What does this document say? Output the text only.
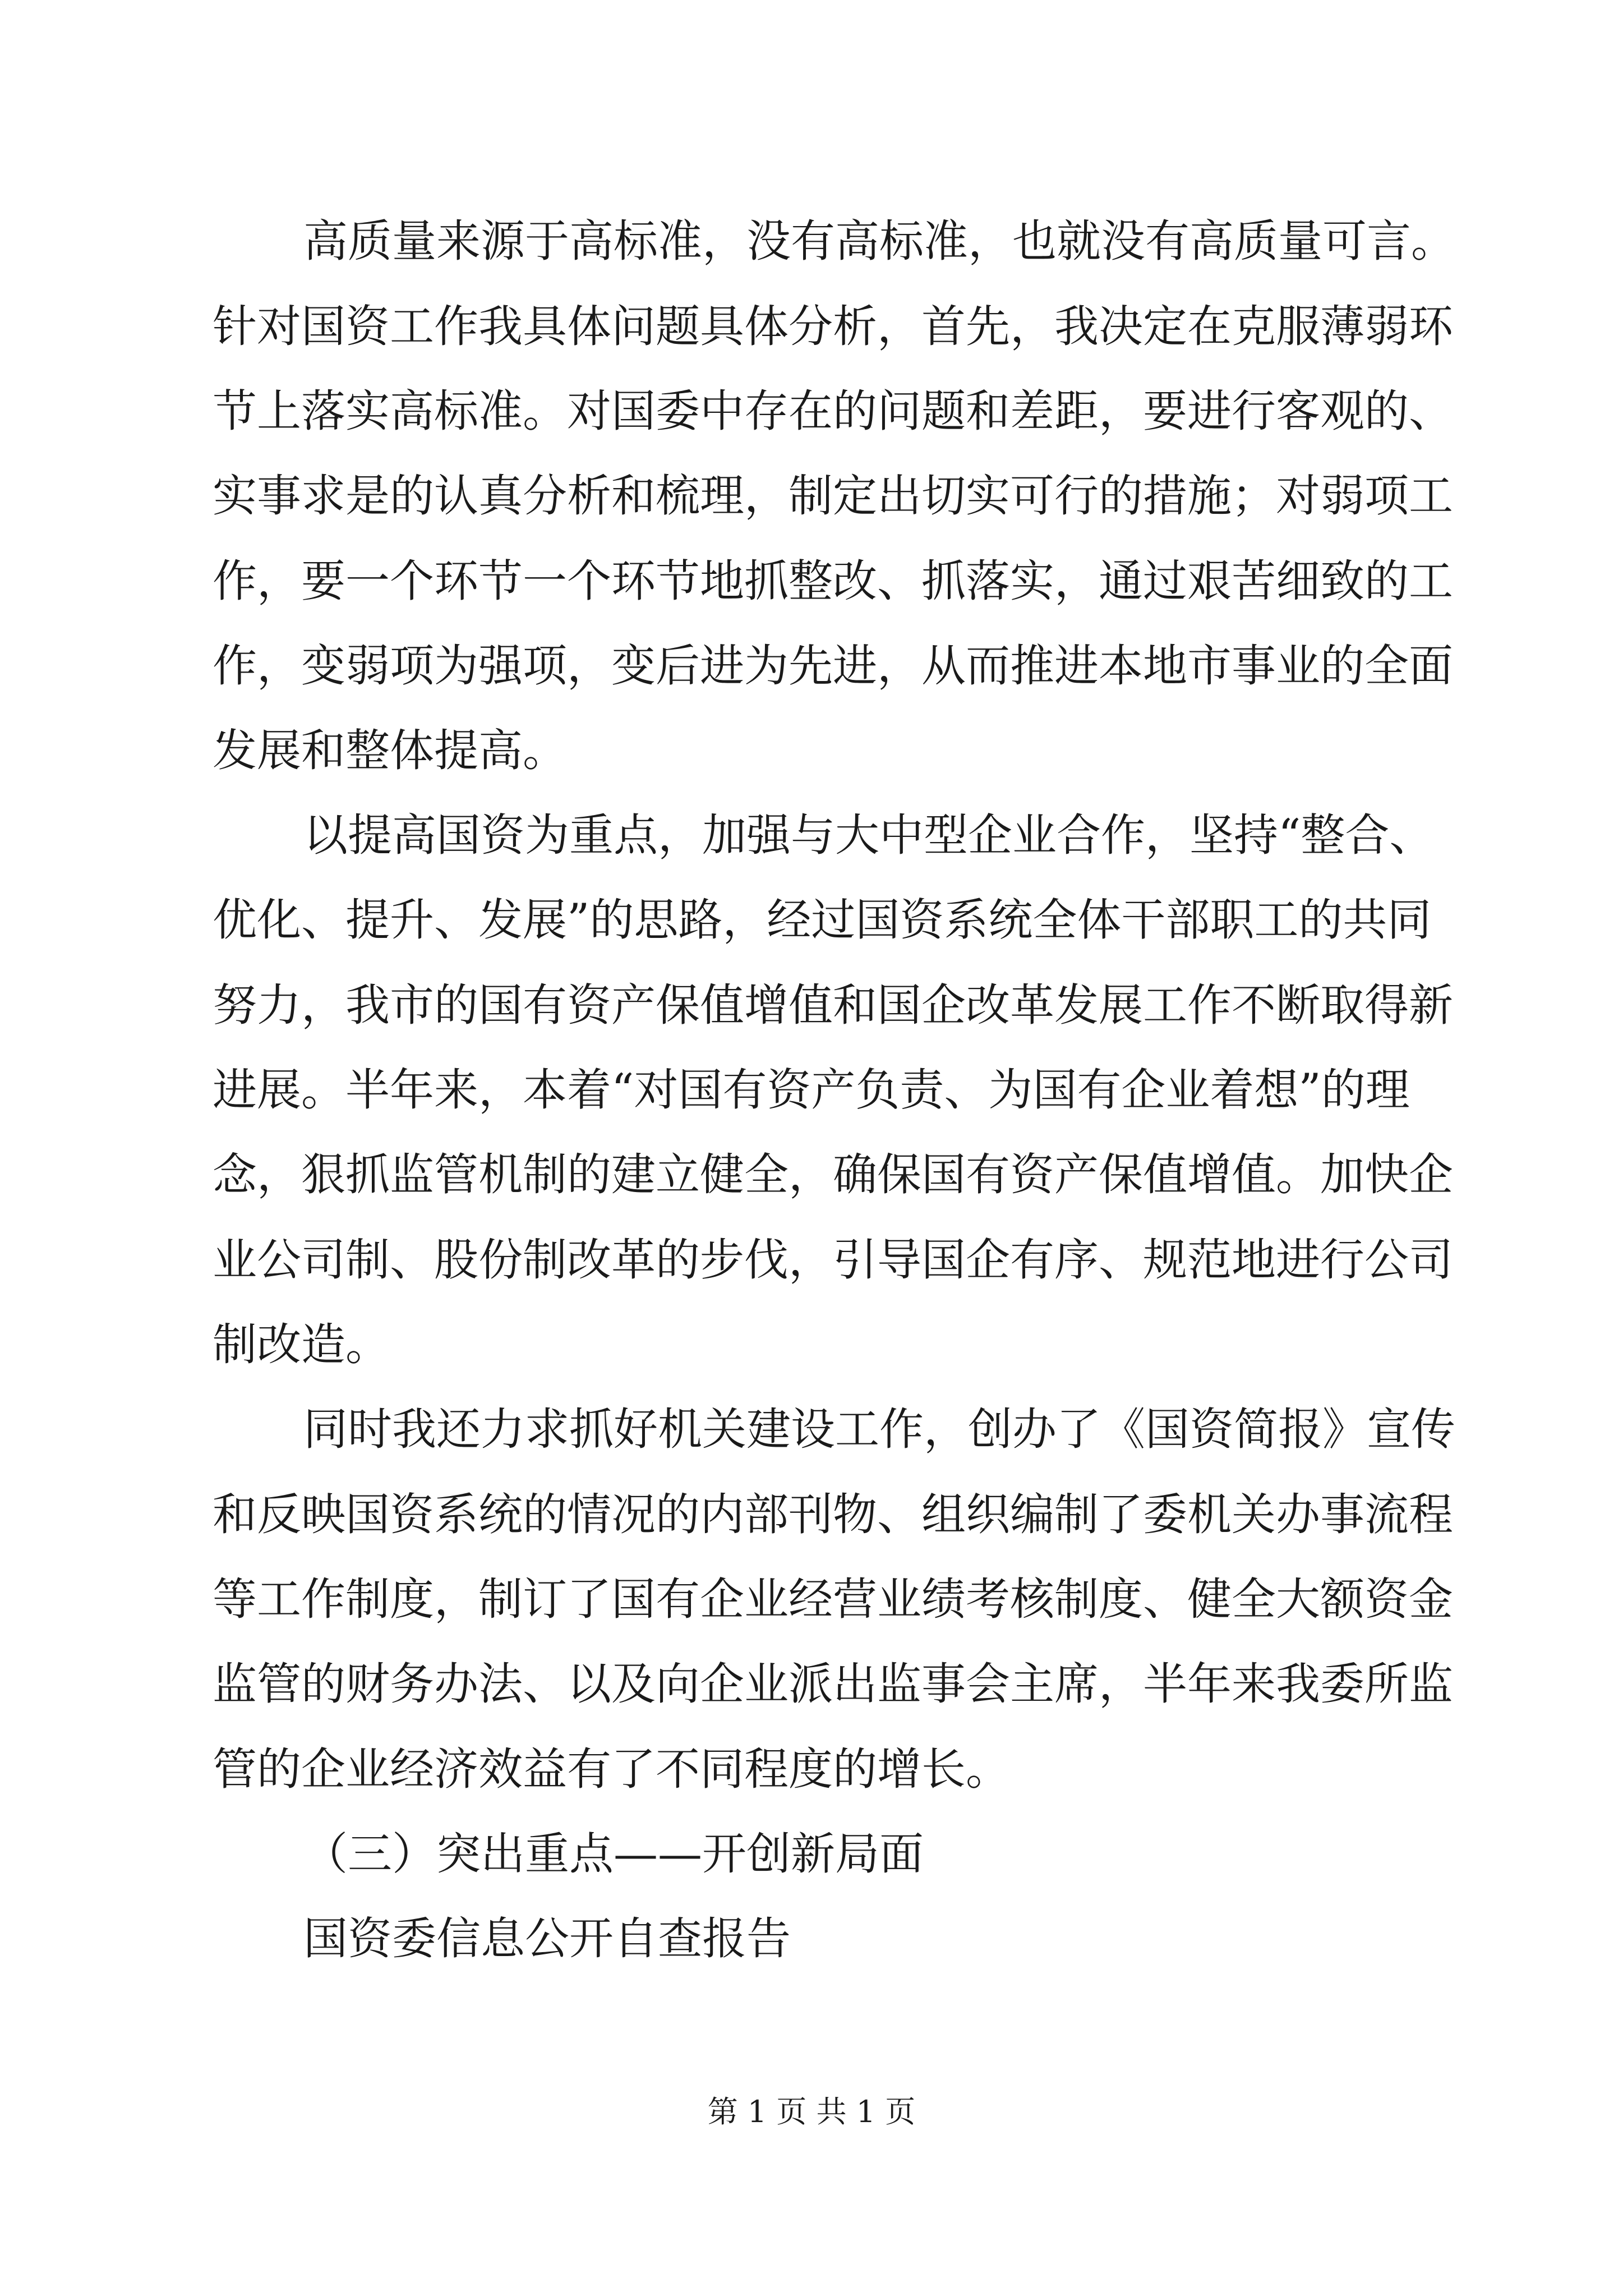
高质量来源于高标准，没有高标准，也就没有高质量可言。
针对国资工作我具体问题具体分析，首先，我决定在克服薄弱环
节上落实高标准。对国委中存在的问题和差距，要进行客观的、
实事求是的认真分析和梳理，制定出切实可行的措施；对弱项工
作，要一个环节一个环节地抓整改、抓落实，通过艰苦细致的工
作，变弱项为强项，变后进为先进，从而推进本地市事业的全面
发展和整体提高。
以提高国资为重点，加强与大中型企业合作，坚持“整合、
优化、提升、发展”的思路，经过国资系统全体干部职工的共同
努力，我市的国有资产保值增值和国企改革发展工作不断取得新
进展。半年来，本着“对国有资产负责、为国有企业着想”的理
念，狠抓监管机制的建立健全，确保国有资产保值增值。加快企
业公司制、股份制改革的步伐，引导国企有序、规范地进行公司
制改造。
同时我还力求抓好机关建设工作，创办了《国资简报》宣传
和反映国资系统的情况的内部刊物、组织编制了委机关办事流程
等工作制度，制订了国有企业经营业绩考核制度、健全大额资金
监管的财务办法、以及向企业派出监事会主席，半年来我委所监
管的企业经济效益有了不同程度的增长。
（三）突出重点——开创新局面
国资委信息公开自查报告
第 1 页 共 1 页
